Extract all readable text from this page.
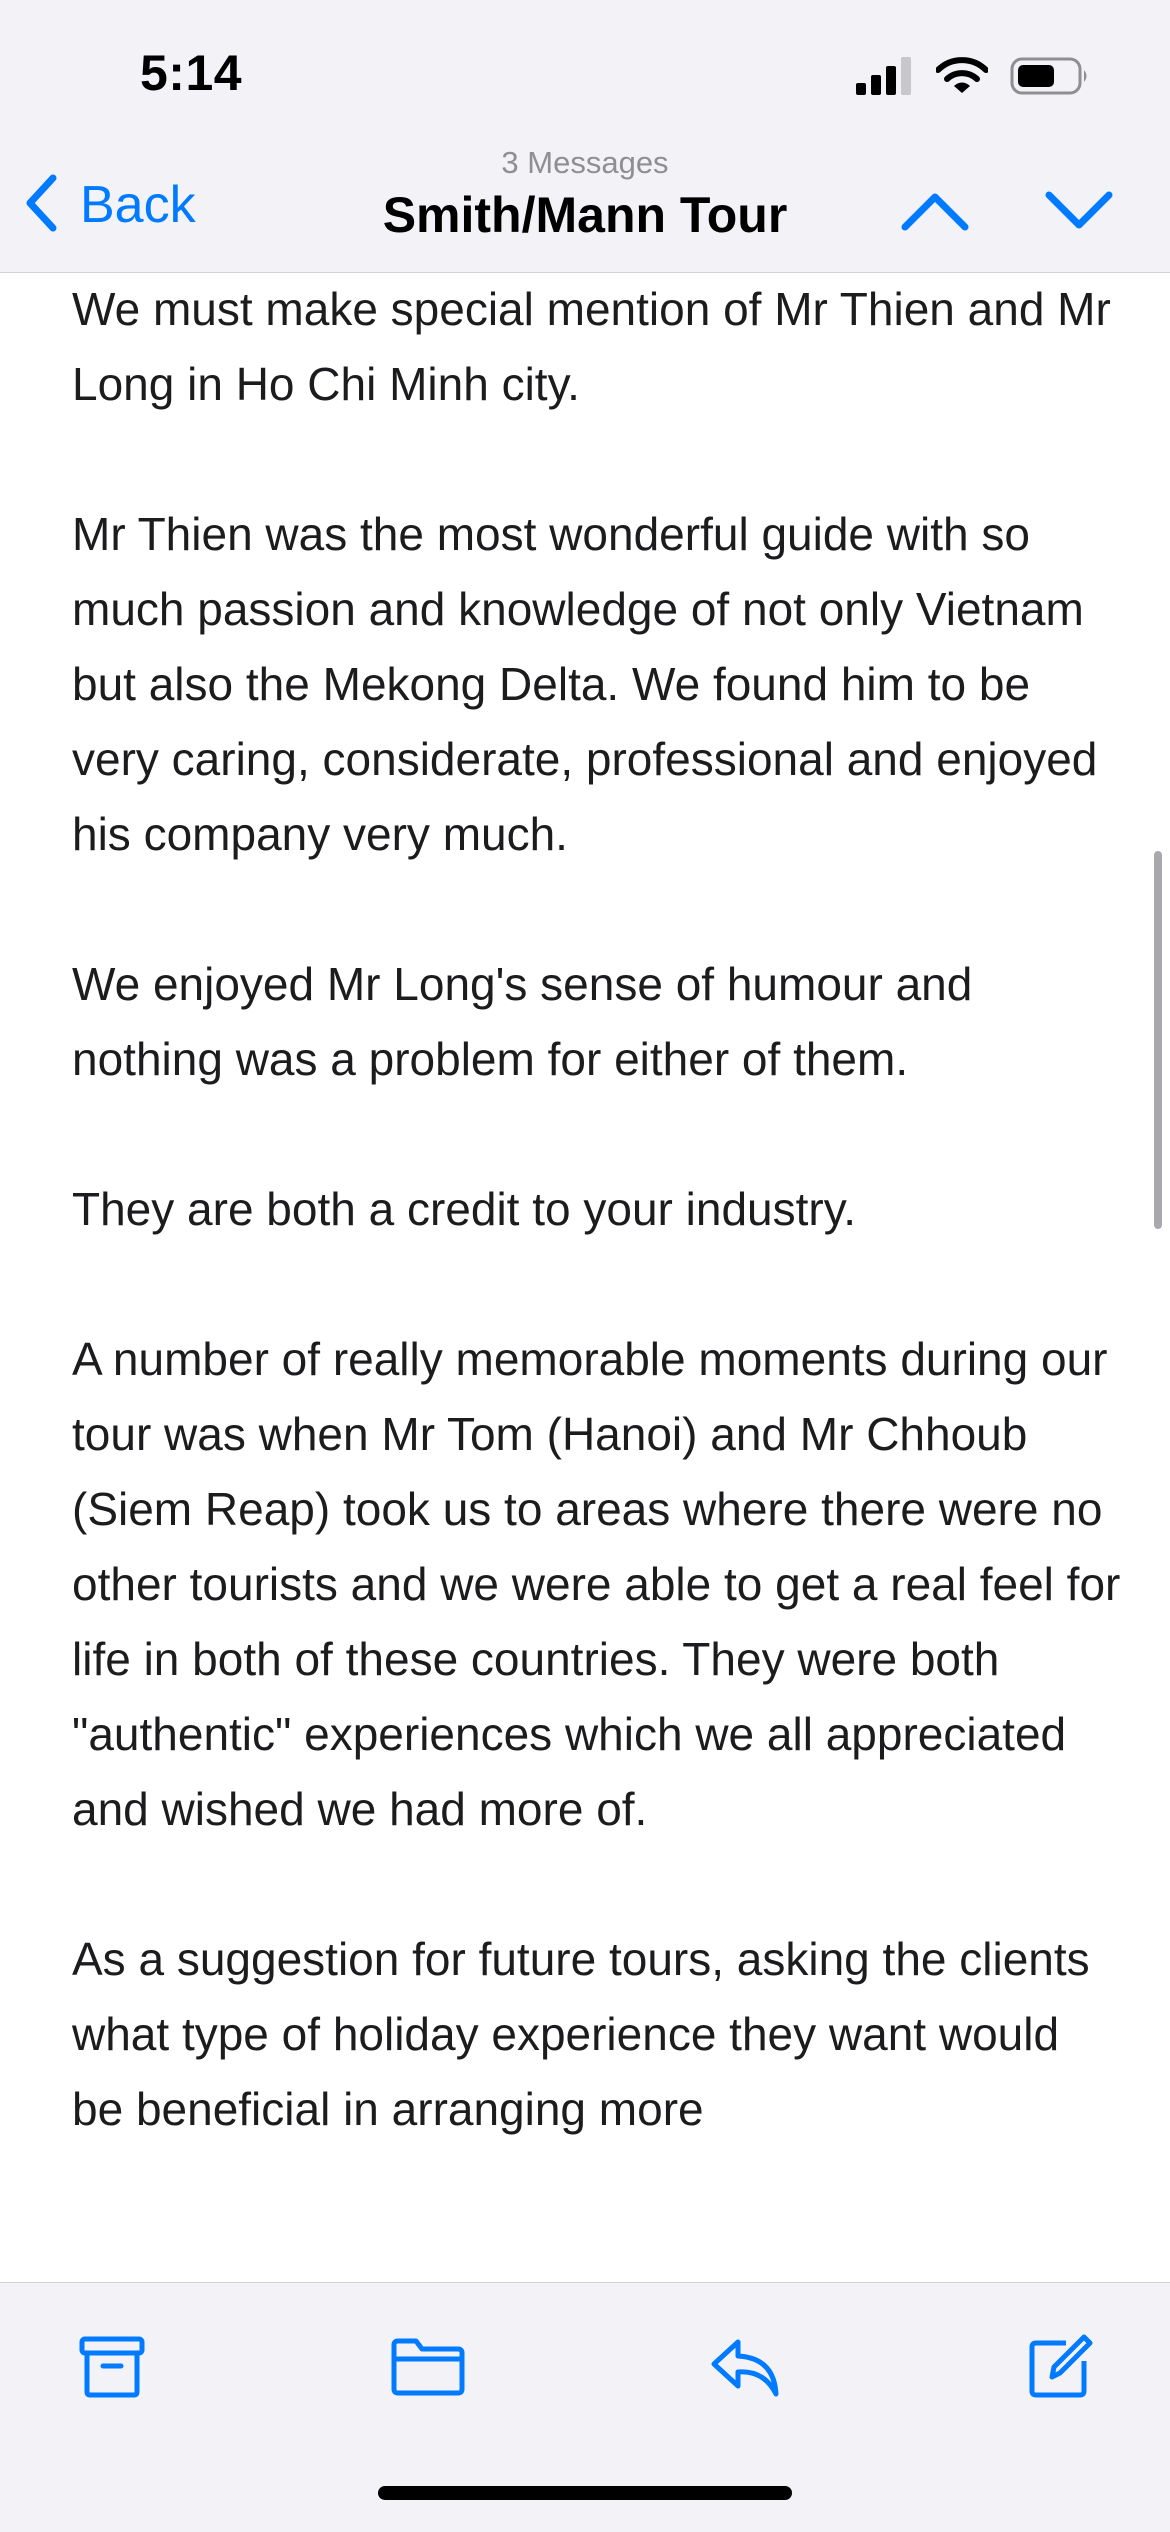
5:14
Back
3 Messages
Smith/Mann Tour

We must make special mention of Mr Thien and Mr Long in Ho Chi Minh city.

Mr Thien was the most wonderful guide with so much passion and knowledge of not only Vietnam but also the Mekong Delta. We found him to be very caring, considerate, professional and enjoyed his company very much.

We enjoyed Mr Long's sense of humour and nothing was a problem for either of them.

They are both a credit to your industry.

A number of really memorable moments during our tour was when Mr Tom (Hanoi) and Mr Chhoub (Siem Reap) took us to areas where there were no other tourists and we were able to get a real feel for life in both of these countries. They were both "authentic" experiences which we all appreciated and wished we had more of.

As a suggestion for future tours, asking the clients what type of holiday experience they want would be beneficial in arranging more
